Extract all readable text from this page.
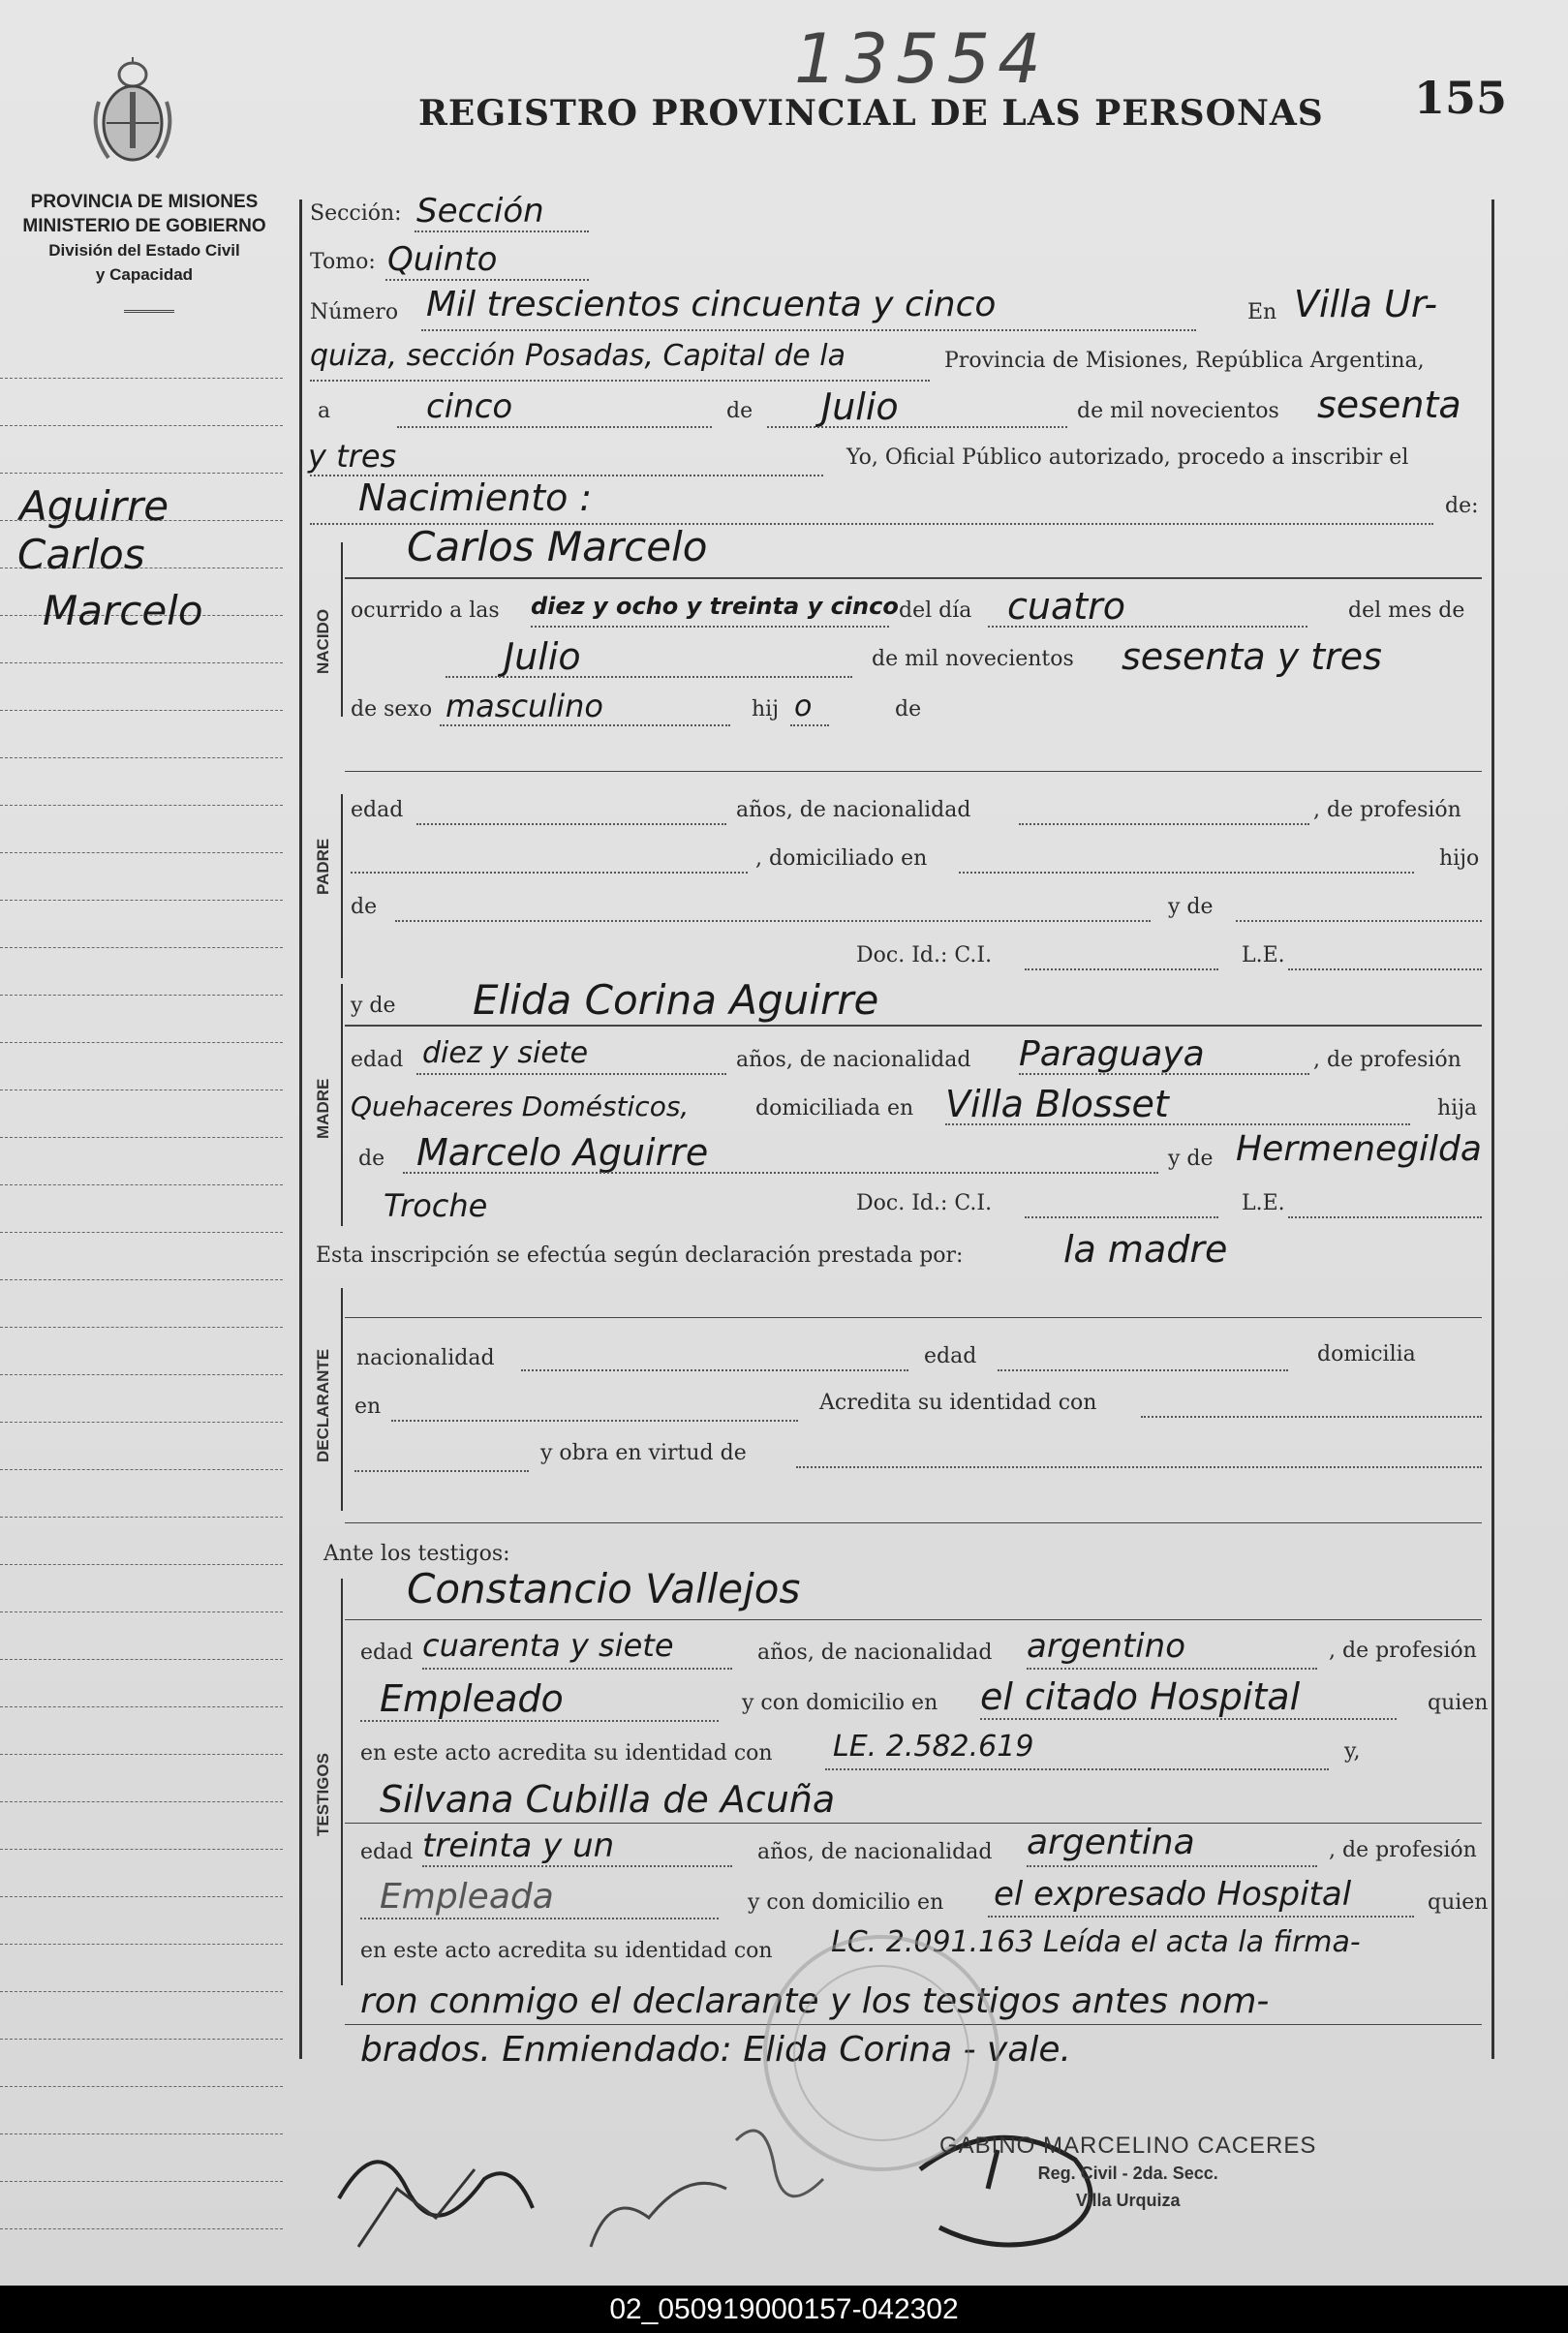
13554
REGISTRO PROVINCIAL DE LAS PERSONAS 155
PROVINCIA DE MISIONES
MINISTERIO DE GOBIERNO
División del Estado Civil
y Capacidad
Aguirre
Carlos
Marcelo
Sección: Sección
Tomo: Quinto
Número Mil trescientos cincuenta y cinco	En Villa Ur-
quiza, sección Posadas, Capital de la	Provincia de Misiones, República Argentina,
a	cinco	de Julio	de mil novecientos sesenta
y tres	Yo, Oficial Público autorizado, procedo a inscribir el
Nacimiento :	de:
NACIDO
Carlos Marcelo
ocurrido a las diez y ocho y treinta y cinco del día cuatro	del mes de
Julio	de mil novecientos sesenta y tres
de sexo masculino	hij o	de
PADRE
edad	años, de nacionalidad	, de profesión
, domiciliado en	hijo
de	y de
Doc. Id.: C.I.	L.E.
MADRE
y de Elida Corina Aguirre
edad diez y siete	años, de nacionalidad Paraguaya	, de profesión
Quehaceres Domésticos,	domiciliada en Villa Blosset	hija
de Marcelo Aguirre	y de Hermenegilda
Troche	Doc. Id.: C.I.	L.E.
Esta inscripción se efectúa según declaración prestada por:	la madre
DECLARANTE nacionalidad	edad	domicilia
en	Acredita su identidad con
y obra en virtud de
Ante los testigos:
TESTIGOS
Constancio Vallejos
edad cuarenta y siete	años, de nacionalidad argentino	, de profesión
Empleado	y con domicilio en el citado Hospital	quien
en este acto acredita su identidad con LE. 2.582.619	y,
Silvana Cubilla de Acuña
edad treinta y un	años, de nacionalidad argentina	, de profesión
Empleada	y con domicilio en el expresado Hospital	quien
en este acto acredita su identidad con LC. 2.091.163 Leída el acta la firma-
ron conmigo el declarante y los testigos antes nom-
brados. Enmiendado: Elida Corina - vale.
GABINO MARCELINO CACERES
Reg. Civil - 2da. Secc.
Villa Urquiza
02_050919000157-042302
